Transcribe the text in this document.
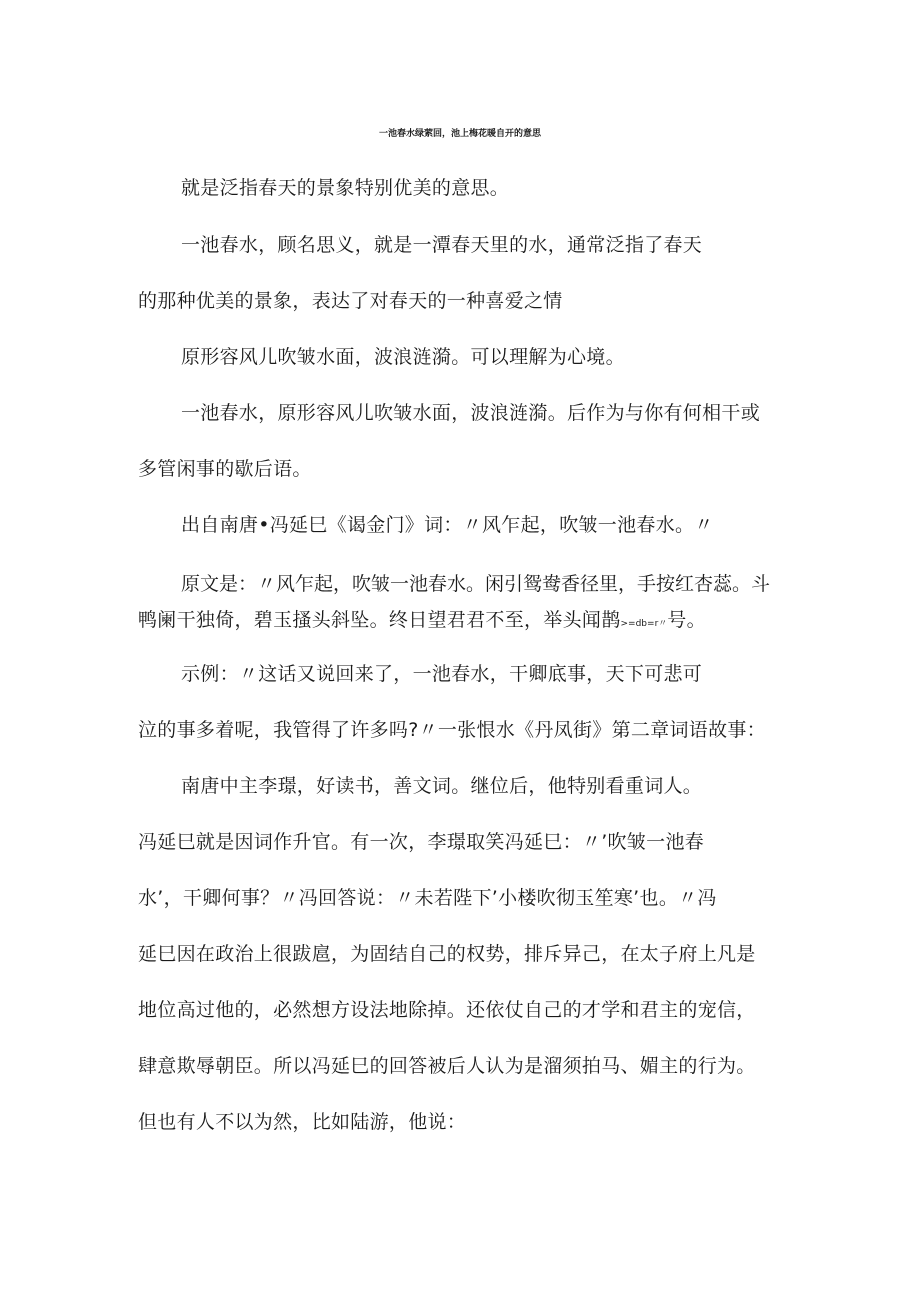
一池春水绿萦回，池上梅花暖自开的意思
就是泛指春天的景象特别优美的意思。
一池春水，顾名思义，就是一潭春天里的水，通常泛指了春天
的那种优美的景象，表达了对春天的一种喜爱之情
原形容风儿吹皱水面，波浪涟漪。可以理解为心境。
一池春水，原形容风儿吹皱水面，波浪涟漪。后作为与你有何相干或
多管闲事的歇后语。
出自南唐•冯延巳《谒金门》词：〃风乍起，吹皱一池春水。〃
原文是：〃风乍起，吹皱一池春水。闲引鸳鸯香径里，手按红杏蕊。斗
鸭阑干独倚，碧玉搔头斜坠。终日望君君不至，举头闻鹊>=db=r〃号。
示例：〃这话又说回来了，一池春水，干卿底事，天下可悲可
泣的事多着呢，我管得了许多吗?〃一张恨水《丹凤街》第二章词语故事：
南唐中主李璟，好读书，善文词。继位后，他特别看重词人。
冯延巳就是因词作升官。有一次，李璟取笑冯延巳：〃’吹皱一池春
水’，干卿何事？〃冯回答说：〃未若陛下’小楼吹彻玉笙寒’也。〃冯
延巳因在政治上很跋扈，为固结自己的权势，排斥异己，在太子府上凡是
地位高过他的，必然想方设法地除掉。还依仗自己的才学和君主的宠信，
肆意欺辱朝臣。所以冯延巳的回答被后人认为是溜须拍马、媚主的行为。
但也有人不以为然，比如陆游，他说：
